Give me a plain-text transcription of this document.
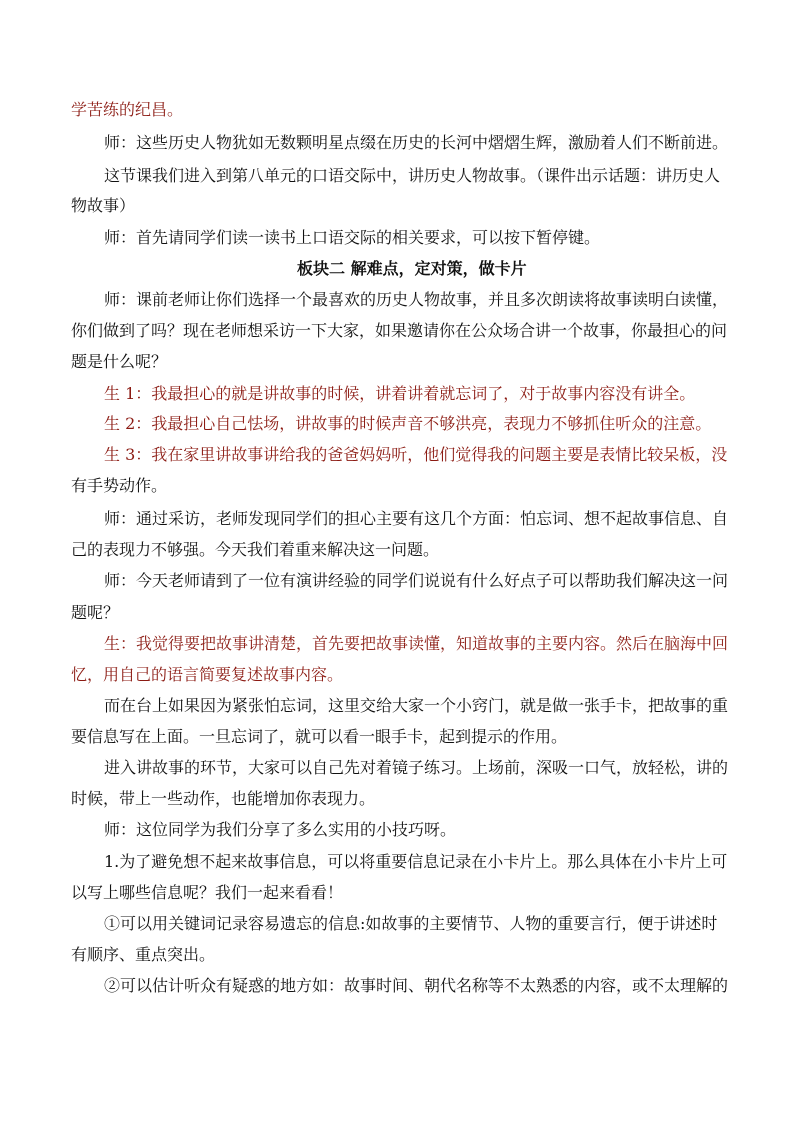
学苦练的纪昌。
师：这些历史人物犹如无数颗明星点缀在历史的长河中熠熠生辉，激励着人们不断前进。
这节课我们进入到第八单元的口语交际中，讲历史人物故事。（课件出示话题：讲历史人
物故事）
师：首先请同学们读一读书上口语交际的相关要求，可以按下暂停键。
板块二 解难点，定对策，做卡片
师：课前老师让你们选择一个最喜欢的历史人物故事，并且多次朗读将故事读明白读懂，
你们做到了吗？现在老师想采访一下大家，如果邀请你在公众场合讲一个故事，你最担心的问
题是什么呢？
生 1：我最担心的就是讲故事的时候，讲着讲着就忘词了，对于故事内容没有讲全。
生 2：我最担心自己怯场，讲故事的时候声音不够洪亮，表现力不够抓住听众的注意。
生 3：我在家里讲故事讲给我的爸爸妈妈听，他们觉得我的问题主要是表情比较呆板，没
有手势动作。
师：通过采访，老师发现同学们的担心主要有这几个方面：怕忘词、想不起故事信息、自
己的表现力不够强。今天我们着重来解决这一问题。
师：今天老师请到了一位有演讲经验的同学们说说有什么好点子可以帮助我们解决这一问
题呢？
生：我觉得要把故事讲清楚，首先要把故事读懂，知道故事的主要内容。然后在脑海中回
忆，用自己的语言简要复述故事内容。
而在台上如果因为紧张怕忘词，这里交给大家一个小窍门，就是做一张手卡，把故事的重
要信息写在上面。一旦忘词了，就可以看一眼手卡，起到提示的作用。
进入讲故事的环节，大家可以自己先对着镜子练习。上场前，深吸一口气，放轻松，讲的
时候，带上一些动作，也能增加你表现力。
师：这位同学为我们分享了多么实用的小技巧呀。
1.为了避免想不起来故事信息，可以将重要信息记录在小卡片上。那么具体在小卡片上可
以写上哪些信息呢？我们一起来看看！
①可以用关键词记录容易遗忘的信息:如故事的主要情节、人物的重要言行，便于讲述时
有顺序、重点突出。
②可以估计听众有疑惑的地方如：故事时间、朝代名称等不太熟悉的内容，或不太理解的
